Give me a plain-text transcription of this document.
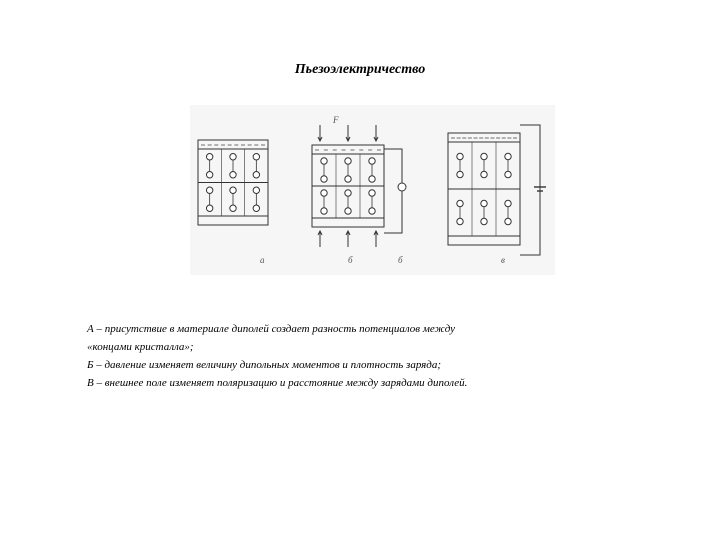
Пьезоэлектричество
F
a	б	б	в

А – присутствие в материале диполей создает разность потенциалов между

«концами кристалла»;

Б – давление изменяет величину дипольных моментов и плотность заряда;

В – внешнее поле изменяет поляризацию и расстояние между зарядами диполей.
